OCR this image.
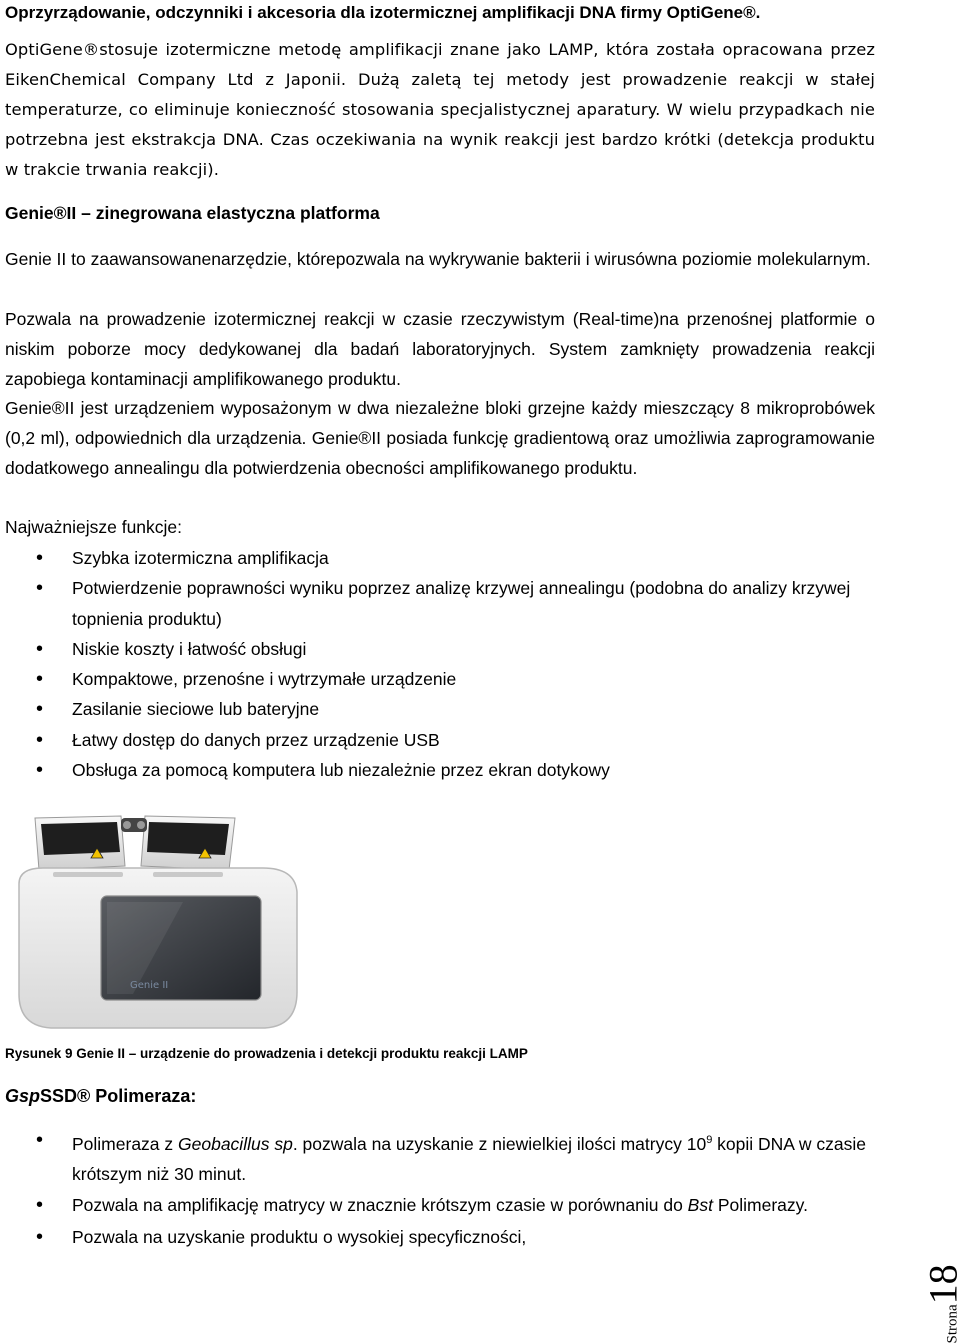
Oprzyrządowanie, odczynniki i akcesoria dla izotermicznej amplifikacji DNA firmy OptiGene®.
OptiGene®stosuje izotermiczne metodę amplifikacji znane jako LAMP, która została opracowana przez EikenChemical Company Ltd z Japonii. Dużą zaletą tej metody jest prowadzenie reakcji w stałej temperaturze, co eliminuje konieczność stosowania specjalistycznej aparatury. W wielu przypadkach nie potrzebna jest ekstrakcja DNA. Czas oczekiwania na wynik reakcji jest bardzo krótki (detekcja produktu w trakcie trwania reakcji).
Genie®II – zinegrowana elastyczna platforma
Genie II to zaawansowanenarzędzie, którepozwala na wykrywanie bakterii i wirusówna poziomie molekularnym.
Pozwala na prowadzenie izotermicznej reakcji w czasie rzeczywistym (Real-time)na przenośnej platformie o niskim poborze mocy dedykowanej dla badań laboratoryjnych. System zamknięty prowadzenia reakcji zapobiega kontaminacji amplifikowanego produktu.
Genie®II jest urządzeniem wyposażonym w dwa niezależne bloki grzejne każdy mieszczący 8 mikroprobówek (0,2 ml), odpowiednich dla urządzenia. Genie®II posiada funkcję gradientową oraz umożliwia zaprogramowanie dodatkowego annealingu dla potwierdzenia obecności amplifikowanego produktu.
Najważniejsze funkcje:
• Szybka izotermiczna amplifikacja
• Potwierdzenie poprawności wyniku poprzez analizę krzywej annealingu (podobna do analizy krzywej topnienia produktu)
• Niskie koszty i łatwość obsługi
• Kompaktowe, przenośne i wytrzymałe urządzenie
• Zasilanie sieciowe lub bateryjne
• Łatwy dostęp do danych przez urządzenie USB
• Obsługa za pomocą komputera lub niezależnie przez ekran dotykowy
Genie II
Rysunek 9 Genie II – urządzenie do prowadzenia i detekcji produktu reakcji LAMP
GspSSD® Polimeraza:
• Polimeraza z Geobacillus sp. pozwala na uzyskanie z niewielkiej ilości matrycy $10^9$ kopii DNA w czasie krótszym niż 30 minut.
• Pozwala na amplifikację matrycy w znacznie krótszym czasie w porównaniu do Bst Polimerazy.
• Pozwala na uzyskanie produktu o wysokiej specyficzności,
Strona18
